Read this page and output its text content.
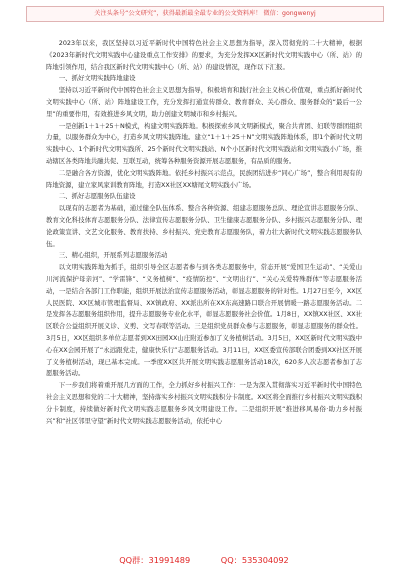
关注头条号“公文研究”，获得最新最全最专业的公文资料库！ 微信：gongwenyj

2023年以来，我区坚持以习近平新时代中国特色社会主义思想为指导，深入贯彻党的二十大精神，根据《2023年新时代文明实践中心建设重点工作安排》的要求，为充分发挥XX区新时代文明实践中心（所、站）的阵地引领作用，结合我区新时代文明实践中心（所、站）的建设情况，现作以下汇报。

一、抓好文明实践阵地建设

坚持以习近平新时代中国特色社会主义思想为指导，积极培育和践行社会主义核心价值观，重点抓好新时代文明实践中心（所、站）阵地建设工作，充分发挥打通宣传群众、教育群众、关心群众、服务群众的“最后一公里”的重要作用，有效推进乡风文明，助力创建文明城市和乡村振兴。

一是创新1＋1＋25＋N模式，构建文明实践阵地。积极探索乡风文明新模式，聚合共青团、妇联等群团组织力量，以服务群众为中心，打造乡风文明实践阵地。建立“1＋1＋25＋N”文明实践阵地体系，即1个新时代文明实践中心、1个新时代文明实践所、25个新时代文明实践站、N个小区新时代文明实践站和文明实践小广场，推动辖区各类阵地共融共促、互联互动，统筹各种服务资源开展志愿服务，有品质的服务。

二是融合各方资源，优化文明实践阵地。依托乡村振兴示范点，民族团结进步“同心广场”，整合利用现有的阵地资源，建立家风家训教育阵地，打造XX社区XX塘尾文明实践小广场。

二、抓好志愿服务队伍建设

以现有的志愿者为基础，通过健全队伍体系、整合各种资源、组建志愿服务总队、理论宣讲志愿服务分队、教育文化科技体育志愿服务分队、法律宣传志愿服务分队、卫生健康志愿服务分队、乡村振兴志愿服务分队、理论政策宣讲、文艺文化服务、教育扶持、乡村振兴、党史教育志愿服务队，着力壮大新时代文明实践志愿服务队伍。

三、精心组织，开展系列志愿服务活动

以文明实践阵地为抓手，组织引导全区志愿者参与到各类志愿服务中，常态开展“爱国卫生运动”、“关爱山川河流保护母亲河”、“学雷锋”、“义务植树”、“疫情防控”、“文明出行”、“关心关爱特殊群体”等志愿服务活动，一是结合各部门工作职能，组织开展法治宣传志愿服务活动，彰显志愿服务的针对性。1月27日至今，XX区人民医院、XX区城市管理监督局、XX镇政府、XX派出所在XX东高速路口联合开展情暖一路志愿服务活动。二是发挥各志愿服务组织作用，提升志愿服务专业化水平，彰显志愿服务社会价值。1月8日，XX镇XX社区、XX社区联合公益组织开展义诊、义剪、文写春联等活动。三是组织党员群众参与志愿服务，彰显志愿服务的群众性。3月5日，XX区组织多单位志愿者到XX田园XX山庄附近参加了义务植树活动。3月5日，XX区新时代文明实践中心在XX会园开展了“永远跟党走，健康快乐行”志愿服务活动。3月11日，XX区委宣传部联合团委到XX社区开展了义务植树活动，现已基本完成。一季度XX区共开展文明实践志愿服务活动18次，620多人次志愿者参加了志愿服务活动。

下一步我们将着重开展几方面的工作，全力抓好乡村振兴工作：一是为深入贯彻落实习近平新时代中国特色社会主义思想和党的二十大精神，坚持落实乡村振兴文明实践积分卡制度。XX区将全面推行乡村振兴文明实践积分卡制度，持续做好新时代文明实践志愿服务乡风文明建设工作。二是组织开展“推进移风易俗·助力乡村振兴”和“社区邻里守望”新时代文明实践志愿服务活动，依托中心

QQ群：31991489	QQ：535304092
